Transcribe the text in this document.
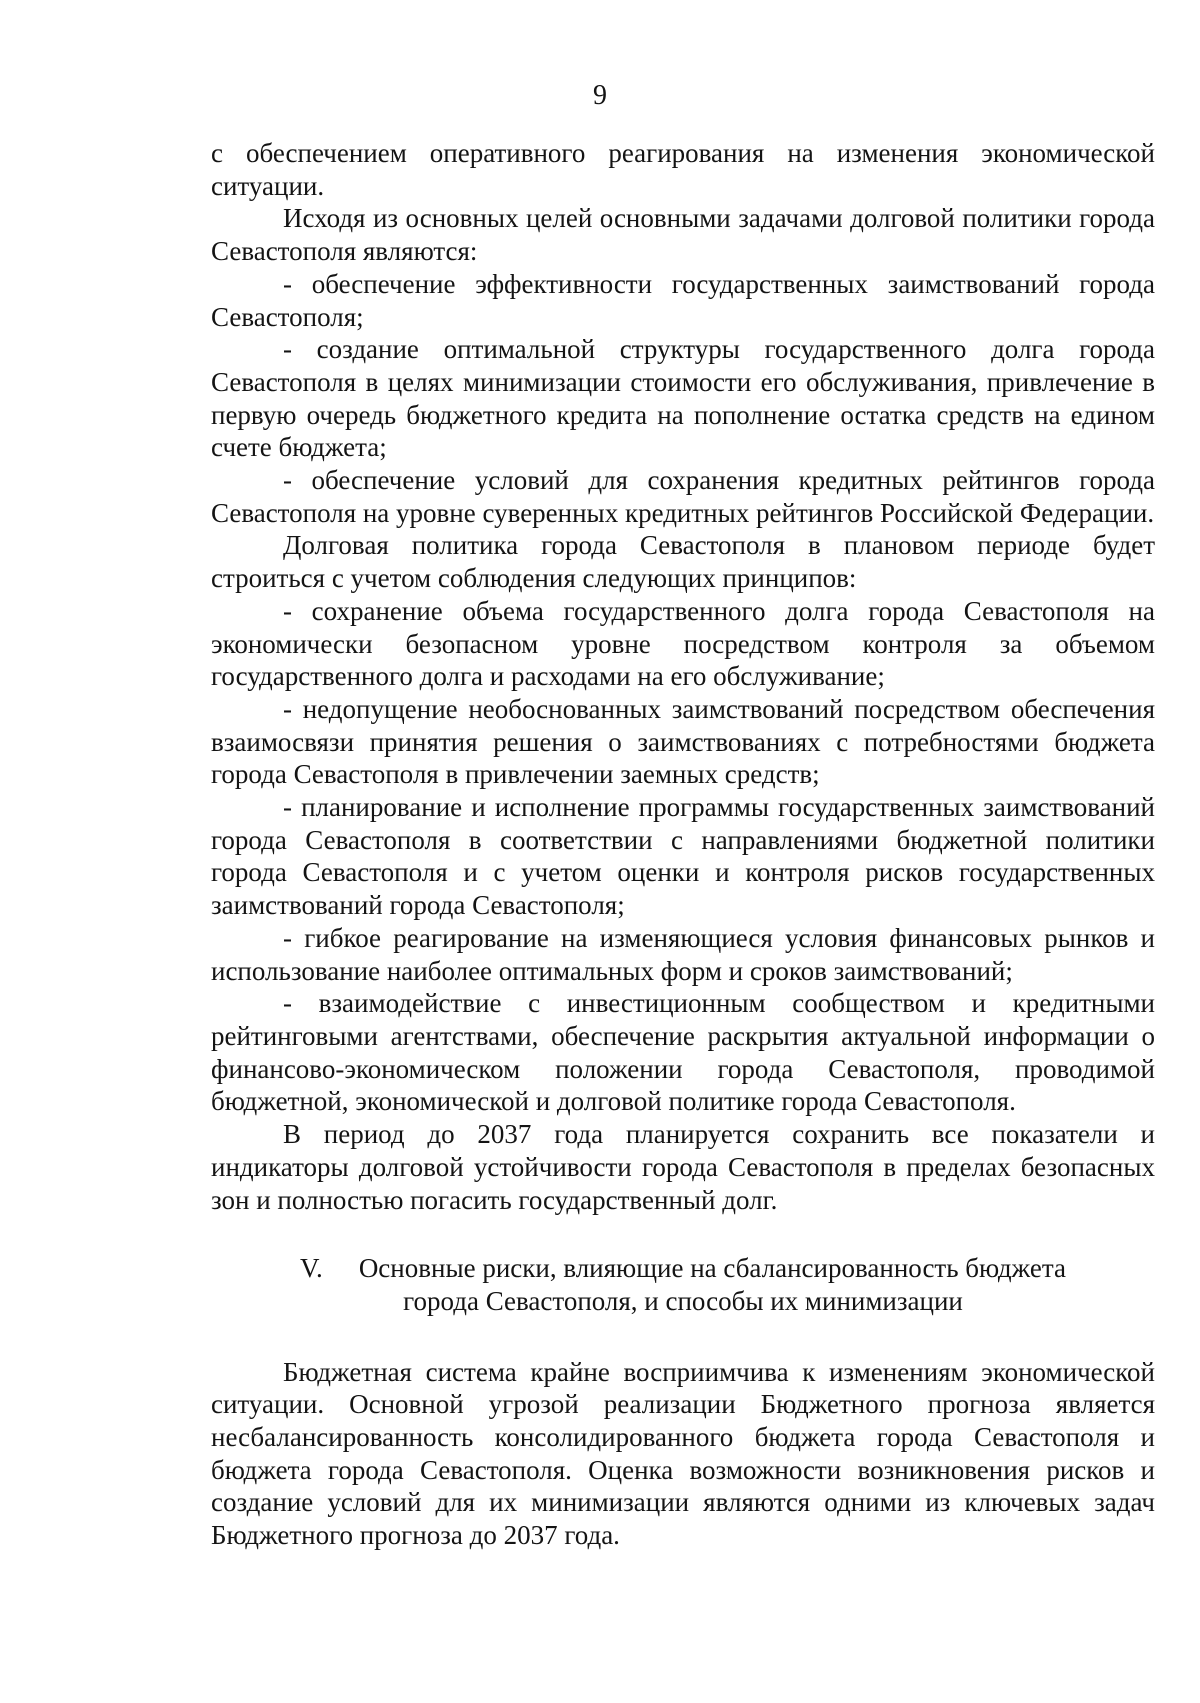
9

с обеспечением оперативного реагирования на изменения экономической ситуации.

Исходя из основных целей основными задачами долговой политики города Севастополя являются:

- обеспечение эффективности государственных заимствований города Севастополя;

- создание оптимальной структуры государственного долга города Севастополя в целях минимизации стоимости его обслуживания, привлечение в первую очередь бюджетного кредита на пополнение остатка средств на едином счете бюджета;

- обеспечение условий для сохранения кредитных рейтингов города Севастополя на уровне суверенных кредитных рейтингов Российской Федерации.

Долговая политика города Севастополя в плановом периоде будет строиться с учетом соблюдения следующих принципов:

- сохранение объема государственного долга города Севастополя на экономически безопасном уровне посредством контроля за объемом государственного долга и расходами на его обслуживание;

- недопущение необоснованных заимствований посредством обеспечения взаимосвязи принятия решения о заимствованиях с потребностями бюджета города Севастополя в привлечении заемных средств;

- планирование и исполнение программы государственных заимствований города Севастополя в соответствии с направлениями бюджетной политики города Севастополя и с учетом оценки и контроля рисков государственных заимствований города Севастополя;

- гибкое реагирование на изменяющиеся условия финансовых рынков и использование наиболее оптимальных форм и сроков заимствований;

- взаимодействие с инвестиционным сообществом и кредитными рейтинговыми агентствами, обеспечение раскрытия актуальной информации о финансово-экономическом положении города Севастополя, проводимой бюджетной, экономической и долговой политике города Севастополя.

В период до 2037 года планируется сохранить все показатели и индикаторы долговой устойчивости города Севастополя в пределах безопасных зон и полностью погасить государственный долг.

V. Основные риски, влияющие на сбалансированность бюджета
города Севастополя, и способы их минимизации

Бюджетная система крайне восприимчива к изменениям экономической ситуации. Основной угрозой реализации Бюджетного прогноза является несбалансированность консолидированного бюджета города Севастополя и бюджета города Севастополя. Оценка возможности возникновения рисков и создание условий для их минимизации являются одними из ключевых задач Бюджетного прогноза до 2037 года.
